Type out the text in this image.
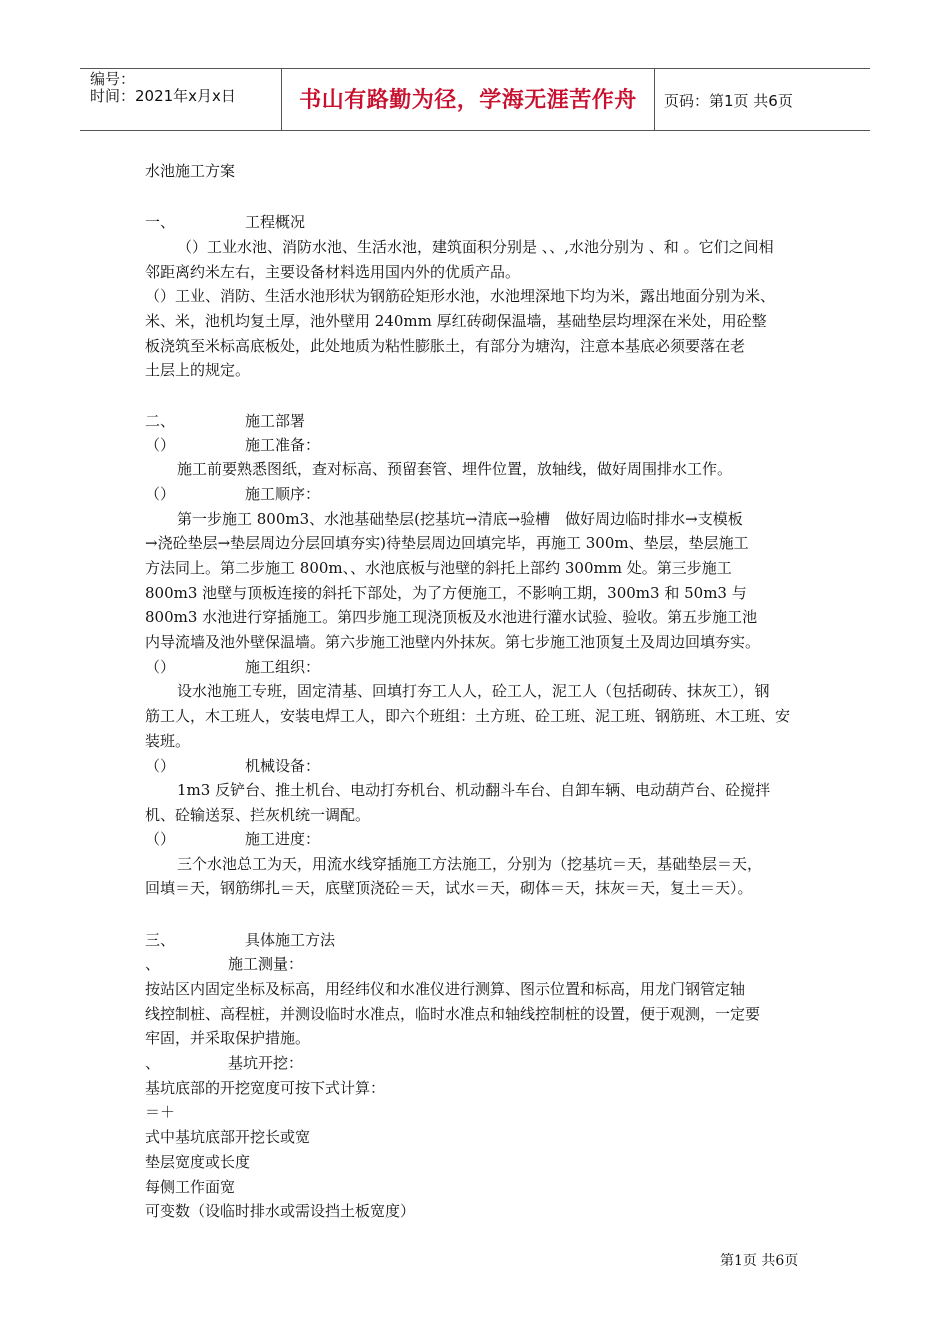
编号：
时间：2021年x月x日	书山有路勤为径，学海无涯苦作舟	页码：第1页 共6页
水池施工方案
一、	工程概况
（）工业水池、消防水池、生活水池，建筑面积分别是 、、,水池分别为 、和 。它们之间相
邻距离约米左右，主要设备材料选用国内外的优质产品。
（）工业、消防、生活水池形状为钢筋砼矩形水池，水池埋深地下均为米，露出地面分别为米、
米、米，池机均复土厚，池外壁用 240mm 厚红砖砌保温墙，基础垫层均埋深在米处，用砼整
板浇筑至米标高底板处，此处地质为粘性膨胀土，有部分为塘沟，注意本基底必须要落在老
土层上的规定。
二、	施工部署
（）	施工准备：
施工前要熟悉图纸，查对标高、预留套管、埋件位置，放轴线，做好周围排水工作。
（）	施工顺序：
第一步施工 800m3、水池基础垫层(挖基坑→清底→验槽　做好周边临时排水→支模板
→浇砼垫层→垫层周边分层回填夯实)待垫层周边回填完毕，再施工 300m、垫层，垫层施工
方法同上。第二步施工 800m、、水池底板与池壁的斜托上部约 300mm 处。第三步施工
800m3 池壁与顶板连接的斜托下部处，为了方便施工，不影响工期，300m3 和 50m3 与
800m3 水池进行穿插施工。第四步施工现浇顶板及水池进行灌水试验、验收。第五步施工池
内导流墙及池外壁保温墙。第六步施工池壁内外抹灰。第七步施工池顶复土及周边回填夯实。
（）	施工组织：
设水池施工专班，固定清基、回填打夯工人人，砼工人，泥工人（包括砌砖、抹灰工），钢
筋工人，木工班人，安装电焊工人，即六个班组：土方班、砼工班、泥工班、钢筋班、木工班、安
装班。
（）	机械设备：
1m3 反铲台、推土机台、电动打夯机台、机动翻斗车台、自卸车辆、电动葫芦台、砼搅拌
机、砼输送泵、拦灰机统一调配。
（）	施工进度：
三个水池总工为天，用流水线穿插施工方法施工，分别为（挖基坑＝天，基础垫层＝天，
回填＝天，钢筋绑扎＝天，底壁顶浇砼＝天，试水＝天，砌体＝天，抹灰＝天，复土＝天）。
三、	具体施工方法
、	施工测量：
按站区内固定坐标及标高，用经纬仪和水准仪进行测算、图示位置和标高，用龙门钢管定轴
线控制桩、高程桩，并测设临时水准点，临时水准点和轴线控制桩的设置，便于观测，一定要
牢固，并采取保护措施。
、	基坑开挖：
基坑底部的开挖宽度可按下式计算：
＝＋
式中基坑底部开挖长或宽
垫层宽度或长度
每侧工作面宽
可变数（设临时排水或需设挡土板宽度）
第1页 共6页
